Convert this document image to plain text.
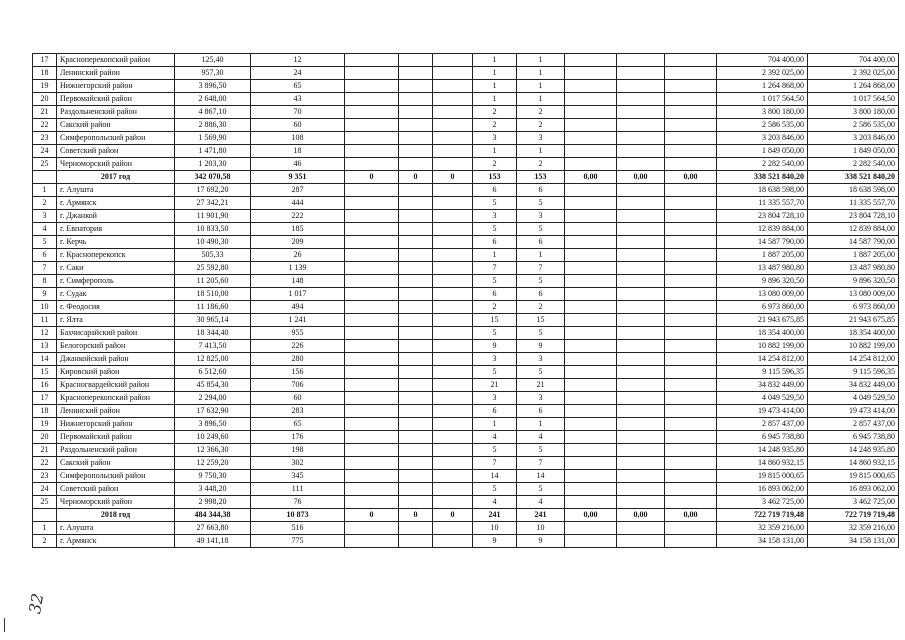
17	Красноперекопский район	125,40	12				1	1				704 400,00	704 400,00
18	Ленинский район	957,30	24				1	1				2 392 025,00	2 392 025,00
19	Нижнегорский район	3 896,50	65				1	1				1 264 868,00	1 264 868,00
20	Первомайский район	2 648,00	43				1	1				1 017 564,50	1 017 564,50
21	Раздольненский район	4 867,10	70				2	2				3 800 180,00	3 800 180,00
22	Сакский район	2 886,30	60				2	2				2 586 535,00	2 586 535,00
23	Симферопольский район	1 569,90	108				3	3				3 203 846,00	3 203 846,00
24	Советский район	1 471,80	18				1	1				1 849 050,00	1 849 050,00
25	Черноморский район	1 203,30	46				2	2				2 282 540,00	2 282 540,00
	2017 год	342 070,58	9 351	0	0	0	153	153	0,00	0,00	0,00	338 521 840,20	338 521 840,20
1	г. Алушта	17 692,20	287				6	6				18 638 598,00	18 638 598,00
2	г. Армянск	27 342,21	444				5	5				11 335 557,70	11 335 557,70
3	г. Джанкой	11 901,90	222				3	3				23 804 728,10	23 804 728,10
4	г. Евпатория	10 833,50	185				5	5				12 839 884,00	12 839 884,00
5	г. Керчь	10 490,30	209				6	6				14 587 790,00	14 587 790,00
6	г. Красноперекопск	505,33	26				1	1				1 887 205,00	1 887 205,00
7	г. Саки	25 592,80	1 139				7	7				13 487 980,80	13 487 980,80
8	г. Симферополь	11 205,60	148				5	5				9 896 320,50	9 896 320,50
9	г. Судак	18 510,00	1 017				6	6				13 080 009,00	13 080 009,00
10	г. Феодосия	11 186,60	494				2	2				6 973 860,00	6 973 860,00
11	г. Ялта	30 965,14	1 241				15	15				21 943 675,85	21 943 675,85
12	Бахчисарайский район	18 344,40	955				5	5				18 354 400,00	18 354 400,00
13	Белогорский район	7 413,50	226				9	9				10 882 199,00	10 882 199,00
14	Джанкойский район	12 825,00	280				3	3				14 254 812,00	14 254 812,00
15	Кировский район	6 512,60	156				5	5				9 115 596,35	9 115 596,35
16	Красногвардейский район	45 854,30	706				21	21				34 832 449,00	34 832 449,00
17	Красноперекопский район	2 294,00	60				3	3				4 049 529,50	4 049 529,50
18	Ленинский район	17 632,90	283				6	6				19 473 414,00	19 473 414,00
19	Нижнегорский район	3 896,50	65				1	1				2 857 437,00	2 857 437,00
20	Первомайский район	10 249,60	176				4	4				6 945 738,80	6 945 738,80
21	Раздольненский район	12 366,30	198				5	5				14 248 935,80	14 248 935,80
22	Сакский район	12 259,20	302				7	7				14 860 932,15	14 860 932,15
23	Симферопольский район	9 750,30	345				14	14				19 815 000,65	19 815 000,65
24	Советский район	3 448,20	111				5	5				16 893 062,00	16 893 062,00
25	Черноморский район	2 998,20	76				4	4				3 462 725,00	3 462 725,00
	2018 год	484 344,38	10 873	0	0	0	241	241	0,00	0,00	0,00	722 719 719,48	722 719 719,48
1	г. Алушта	27 663,80	516				10	10				32 359 216,00	32 359 216,00
2	г. Армянск	49 141,18	775				9	9				34 158 131,00	34 158 131,00
32
